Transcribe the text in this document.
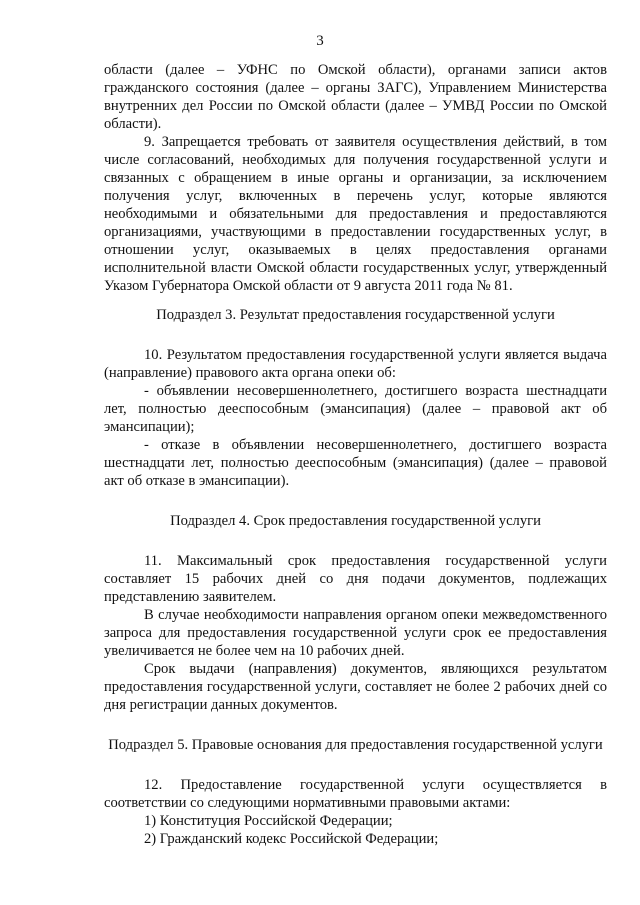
3

области (далее – УФНС по Омской области), органами записи актов гражданского состояния (далее – органы ЗАГС), Управлением Министерства внутренних дел России по Омской области (далее – УМВД России по Омской области).

9. Запрещается требовать от заявителя осуществления действий, в том числе согласований, необходимых для получения государственной услуги и связанных с обращением в иные органы и организации, за исключением получения услуг, включенных в перечень услуг, которые являются необходимыми и обязательными для предоставления и предоставляются организациями, участвующими в предоставлении государственных услуг, в отношении услуг, оказываемых в целях предоставления органами исполнительной власти Омской области государственных услуг, утвержденный Указом Губернатора Омской области от 9 августа 2011 года № 81.

Подраздел 3. Результат предоставления государственной услуги

10. Результатом предоставления государственной услуги является выдача (направление) правового акта органа опеки об:

- объявлении несовершеннолетнего, достигшего возраста шестнадцати лет, полностью дееспособным (эмансипация) (далее – правовой акт об эмансипации);

- отказе в объявлении несовершеннолетнего, достигшего возраста шестнадцати лет, полностью дееспособным (эмансипация) (далее – правовой акт об отказе в эмансипации).

Подраздел 4. Срок предоставления государственной услуги

11. Максимальный срок предоставления государственной услуги составляет 15 рабочих дней со дня подачи документов, подлежащих представлению заявителем.

В случае необходимости направления органом опеки межведомственного запроса для предоставления государственной услуги срок ее предоставления увеличивается не более чем на 10 рабочих дней.

Срок выдачи (направления) документов, являющихся результатом предоставления государственной услуги, составляет не более 2 рабочих дней со дня регистрации данных документов.

Подраздел 5. Правовые основания для предоставления государственной услуги

12. Предоставление государственной услуги осуществляется в соответствии со следующими нормативными правовыми актами:

1) Конституция Российской Федерации;

2) Гражданский кодекс Российской Федерации;
